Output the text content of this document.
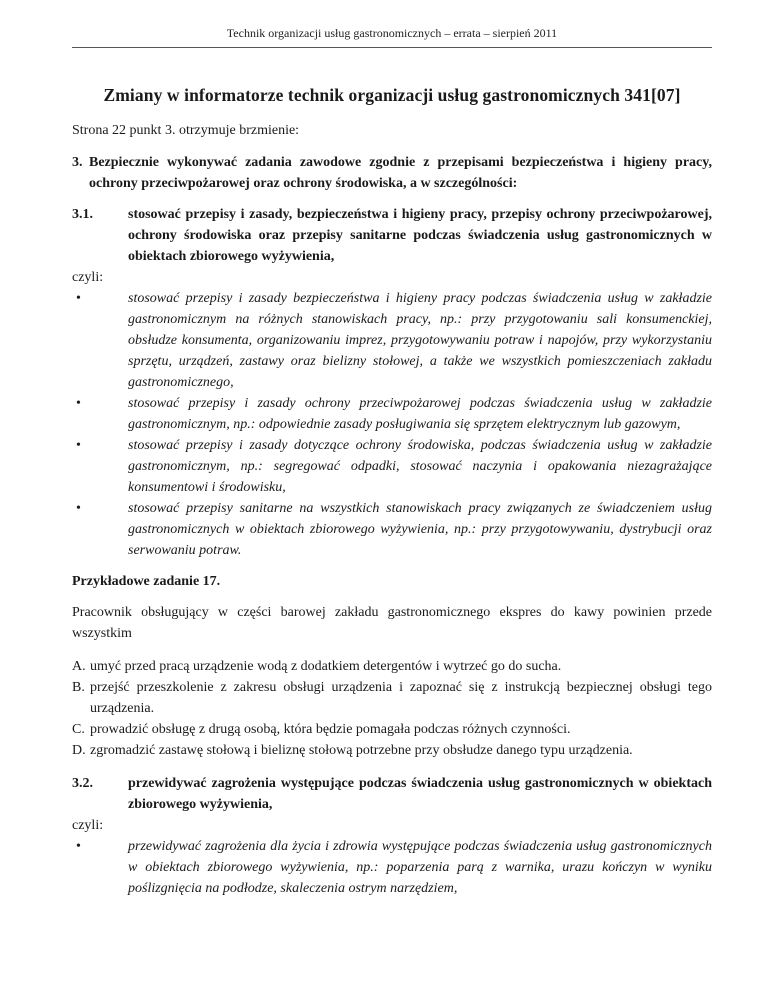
Technik organizacji usług gastronomicznych – errata – sierpień 2011
Zmiany w informatorze technik organizacji usług gastronomicznych 341[07]

Strona 22 punkt 3. otrzymuje brzmienie:

3. Bezpiecznie wykonywać zadania zawodowe zgodnie z przepisami bezpieczeństwa i higieny pracy, ochrony przeciwpożarowej oraz ochrony środowiska, a w szczególności:
3.1.	stosować przepisy i zasady, bezpieczeństwa i higieny pracy, przepisy ochrony przeciwpożarowej, ochrony środowiska oraz przepisy sanitarne podczas świadczenia usług gastronomicznych w obiektach zbiorowego wyżywienia,

czyli:

•	stosować przepisy i zasady bezpieczeństwa i higieny pracy podczas świadczenia usług w zakładzie gastronomicznym na różnych stanowiskach pracy, np.: przy przygotowaniu sali konsumenckiej, obsłudze konsumenta, organizowaniu imprez, przygotowywaniu potraw i napojów, przy wykorzystaniu sprzętu, urządzeń, zastawy oraz bielizny stołowej, a także we wszystkich pomieszczeniach zakładu gastronomicznego,
•	stosować przepisy i zasady ochrony przeciwpożarowej podczas świadczenia usług w zakładzie gastronomicznym, np.: odpowiednie zasady posługiwania się sprzętem elektrycznym lub gazowym,
•	stosować przepisy i zasady dotyczące ochrony środowiska, podczas świadczenia usług w zakładzie gastronomicznym, np.: segregować odpadki, stosować naczynia i opakowania niezagrażające konsumentowi i środowisku,
•	stosować przepisy sanitarne na wszystkich stanowiskach pracy związanych ze świadczeniem usług gastronomicznych w obiektach zbiorowego wyżywienia, np.: przy przygotowywaniu, dystrybucji oraz serwowaniu potraw.

Przykładowe zadanie 17.

Pracownik obsługujący w części barowej zakładu gastronomicznego ekspres do kawy powinien przede wszystkim

A. umyć przed pracą urządzenie wodą z dodatkiem detergentów i wytrzeć go do sucha.
B. przejść przeszkolenie z zakresu obsługi urządzenia i zapoznać się z instrukcją bezpiecznej obsługi tego urządzenia.
C. prowadzić obsługę z drugą osobą, która będzie pomagała podczas różnych czynności.
D. zgromadzić zastawę stołową i bieliznę stołową potrzebne przy obsłudze danego typu urządzenia.
3.2.	przewidywać zagrożenia występujące podczas świadczenia usług gastronomicznych w obiektach zbiorowego wyżywienia,

czyli:

•	przewidywać zagrożenia dla życia i zdrowia występujące podczas świadczenia usług gastronomicznych w obiektach zbiorowego wyżywienia, np.: poparzenia parą z warnika, urazu kończyn w wyniku poślizgnięcia na podłodze, skaleczenia ostrym narzędziem,
